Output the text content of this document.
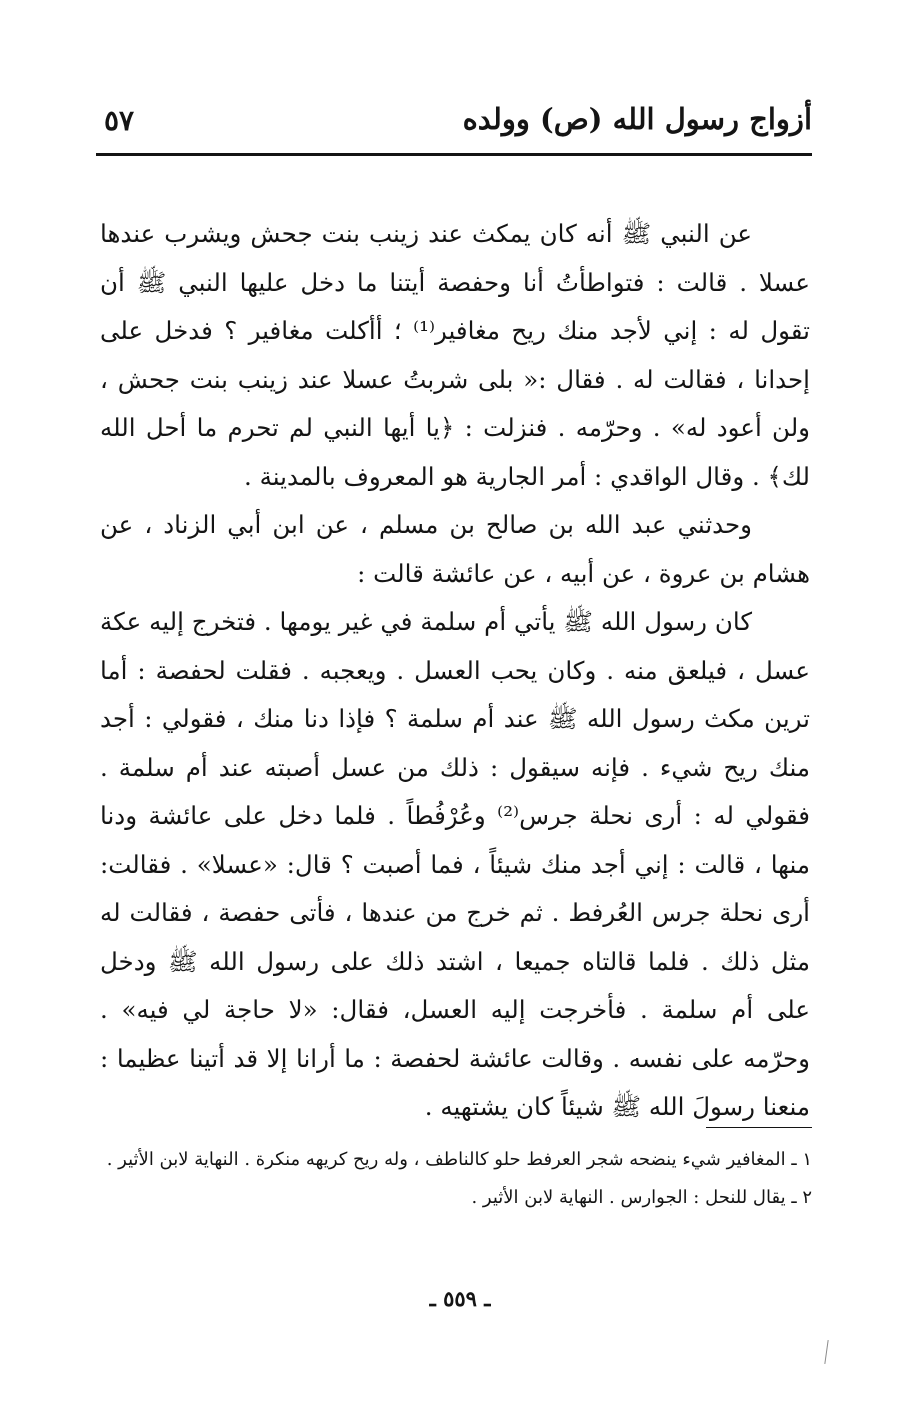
أزواج رسول الله (ص) وولده
٥٧

عن النبي ﷺ أنه كان يمكث عند زينب بنت جحش ويشرب عندها عسلا . قالت : فتواطأتُ أنا وحفصة أيتنا ما دخل عليها النبي ﷺ أن تقول له : إني لأجد منك ريح مغافير⁽¹⁾ ؛ أأكلت مغافير ؟ فدخل على إحدانا ، فقالت له . فقال :« بلى شربتُ عسلا عند زينب بنت جحش ، ولن أعود له» . وحرّمه . فنزلت : ﴿يا أيها النبي لم تحرم ما أحل الله لك﴾ . وقال الواقدي : أمر الجارية هو المعروف بالمدينة .

وحدثني عبد الله بن صالح بن مسلم ، عن ابن أبي الزناد ، عن هشام بن عروة ، عن أبيه ، عن عائشة قالت :

كان رسول الله ﷺ يأتي أم سلمة في غير يومها . فتخرج إليه عكة عسل ، فيلعق منه . وكان يحب العسل . ويعجبه . فقلت لحفصة : أما ترين مكث رسول الله ﷺ عند أم سلمة ؟ فإذا دنا منك ، فقولي : أجد منك ريح شيء . فإنه سيقول : ذلك من عسل أصبته عند أم سلمة . فقولي له : أرى نحلة جرس⁽²⁾ وعُرْفُطاً . فلما دخل على عائشة ودنا منها ، قالت : إني أجد منك شيئاً ، فما أصبت ؟ قال: «عسلا» . فقالت: أرى نحلة جرس العُرفط . ثم خرج من عندها ، فأتى حفصة ، فقالت له مثل ذلك . فلما قالتاه جميعا ، اشتد ذلك على رسول الله ﷺ ودخل على أم سلمة . فأخرجت إليه العسل، فقال: «لا حاجة لي فيه» . وحرّمه على نفسه . وقالت عائشة لحفصة : ما أرانا إلا قد أتينا عظيما : منعنا رسولَ الله ﷺ شيئاً كان يشتهيه .

١ ـ المغافير شيء ينضحه شجر العرفط حلو كالناطف ، وله ريح كريهه منكرة . النهاية لابن الأثير .

٢ ـ يقال للنحل : الجوارس . النهاية لابن الأثير .

ـ ٥٥٩ ـ
